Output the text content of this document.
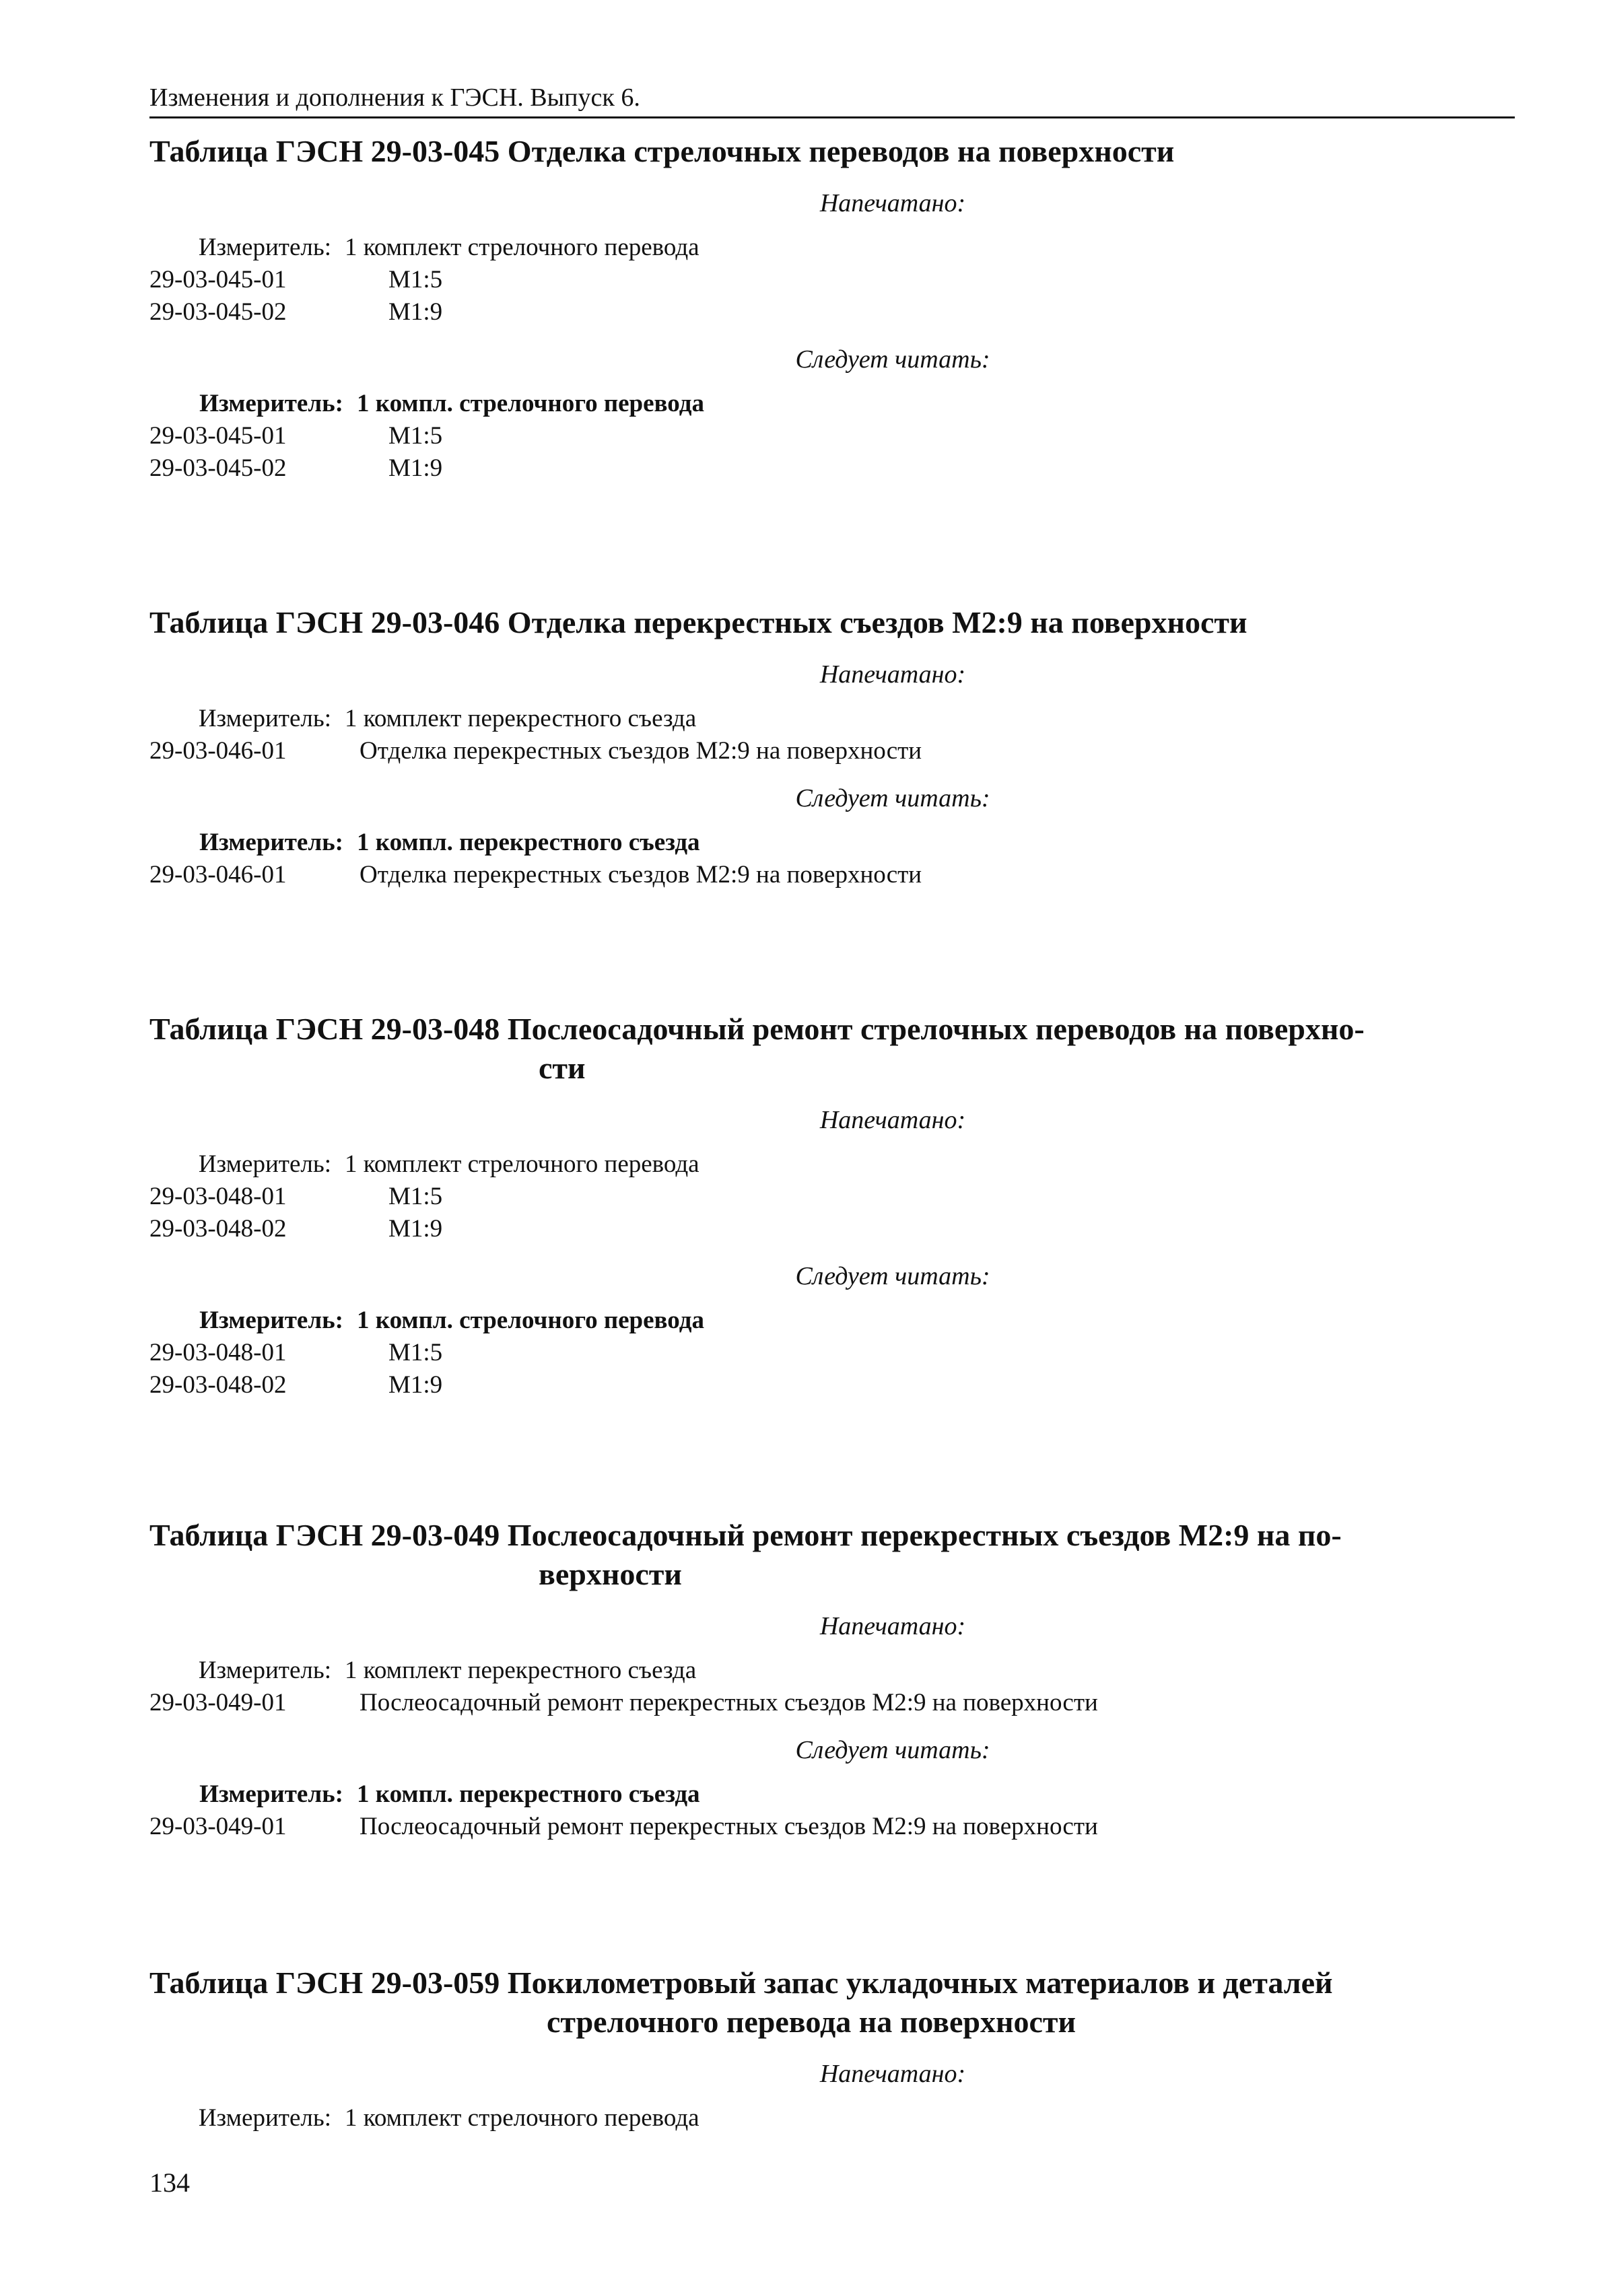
Изменения и дополнения к ГЭСН. Выпуск 6.
Таблица ГЭСН 29-03-045 Отделка стрелочных переводов на поверхности
Напечатано:
Измеритель: 1 комплект стрелочного перевода
29-03-045-01	M1:5
29-03-045-02	M1:9
Следует читать:
Измеритель: 1 компл. стрелочного перевода
29-03-045-01	M1:5
29-03-045-02	M1:9
Таблица ГЭСН 29-03-046 Отделка перекрестных съездов М2:9 на поверхности
Напечатано:
Измеритель: 1 комплект перекрестного съезда
29-03-046-01	Отделка перекрестных съездов М2:9 на поверхности
Следует читать:
Измеритель: 1 компл. перекрестного съезда
29-03-046-01	Отделка перекрестных съездов М2:9 на поверхности
Таблица ГЭСН 29-03-048 Послеосадочный ремонт стрелочных переводов на поверхно-
сти
Напечатано:
Измеритель: 1 комплект стрелочного перевода
29-03-048-01	M1:5
29-03-048-02	M1:9
Следует читать:
Измеритель: 1 компл. стрелочного перевода
29-03-048-01	M1:5
29-03-048-02	M1:9
Таблица ГЭСН 29-03-049 Послеосадочный ремонт перекрестных съездов М2:9 на по-
верхности
Напечатано:
Измеритель: 1 комплект перекрестного съезда
29-03-049-01	Послеосадочный ремонт перекрестных съездов М2:9 на поверхности
Следует читать:
Измеритель: 1 компл. перекрестного съезда
29-03-049-01	Послеосадочный ремонт перекрестных съездов М2:9 на поверхности
Таблица ГЭСН 29-03-059 Покилометровый запас укладочных материалов и деталей
стрелочного перевода на поверхности
Напечатано:
Измеритель: 1 комплект стрелочного перевода
134
